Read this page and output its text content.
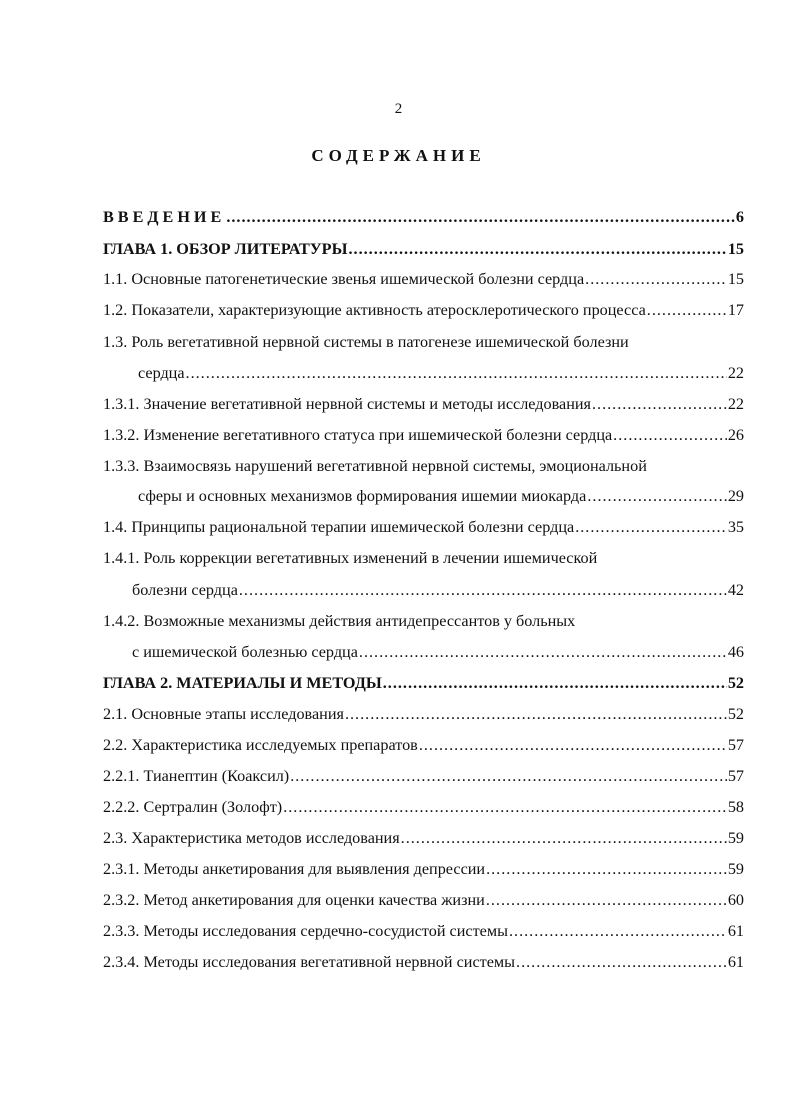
2
СОДЕРЖАНИЕ
ВВЕДЕНИЕ .....	6
ГЛАВА 1. ОБЗОР ЛИТЕРАТУРЫ .....	15
1.1. Основные патогенетические звенья ишемической болезни сердца .....	15
1.2. Показатели, характеризующие активность атеросклеротического процесса .....	17
1.3. Роль вегетативной нервной системы в патогенезе ишемической болезни
сердца .....	22
1.3.1. Значение вегетативной нервной системы и методы исследования .....	22
1.3.2. Изменение вегетативного статуса при ишемической болезни сердца .....	26
1.3.3. Взаимосвязь нарушений вегетативной нервной системы, эмоциональной
сферы и основных механизмов формирования ишемии миокарда .....	29
1.4. Принципы рациональной терапии ишемической болезни сердца .....	35
1.4.1. Роль коррекции вегетативных изменений в лечении ишемической
болезни сердца .....	42
1.4.2. Возможные механизмы действия антидепрессантов у больных
с ишемической болезнью сердца .....	46
ГЛАВА 2. МАТЕРИАЛЫ И МЕТОДЫ .....	52
2.1. Основные этапы исследования .....	52
2.2. Характеристика исследуемых препаратов .....	57
2.2.1. Тианептин (Коаксил) .....	57
2.2.2. Сертралин (Золофт) .....	58
2.3. Характеристика методов исследования .....	59
2.3.1. Методы анкетирования для выявления депрессии .....	59
2.3.2. Метод анкетирования для оценки качества жизни .....	60
2.3.3. Методы исследования сердечно-сосудистой системы .....	61
2.3.4. Методы исследования вегетативной нервной системы .....	61
